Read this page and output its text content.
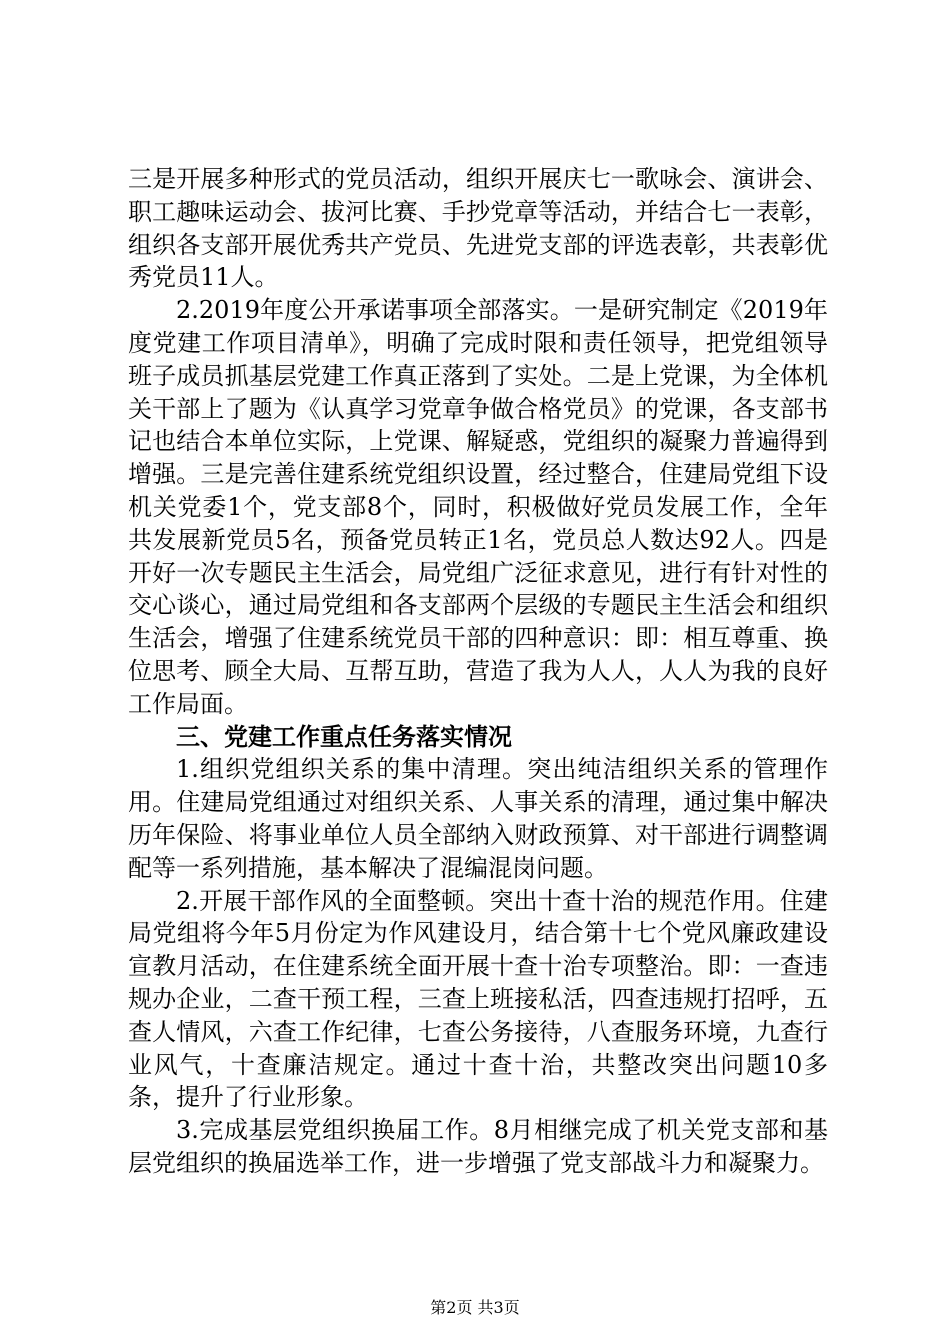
三是开展多种形式的党员活动，组织开展庆七一歌咏会、演讲会、职工趣味运动会、拔河比赛、手抄党章等活动，并结合七一表彰，组织各支部开展优秀共产党员、先进党支部的评选表彰，共表彰优秀党员11人。

2.2019年度公开承诺事项全部落实。一是研究制定《2019年度党建工作项目清单》，明确了完成时限和责任领导，把党组领导班子成员抓基层党建工作真正落到了实处。二是上党课，为全体机关干部上了题为《认真学习党章争做合格党员》的党课，各支部书记也结合本单位实际，上党课、解疑惑，党组织的凝聚力普遍得到增强。三是完善住建系统党组织设置，经过整合，住建局党组下设机关党委1个，党支部8个，同时，积极做好党员发展工作，全年共发展新党员5名，预备党员转正1名，党员总人数达92人。四是开好一次专题民主生活会，局党组广泛征求意见，进行有针对性的交心谈心，通过局党组和各支部两个层级的专题民主生活会和组织生活会，增强了住建系统党员干部的四种意识：即：相互尊重、换位思考、顾全大局、互帮互助，营造了我为人人，人人为我的良好工作局面。

三、党建工作重点任务落实情况

1.组织党组织关系的集中清理。突出纯洁组织关系的管理作用。住建局党组通过对组织关系、人事关系的清理，通过集中解决历年保险、将事业单位人员全部纳入财政预算、对干部进行调整调配等一系列措施，基本解决了混编混岗问题。

2.开展干部作风的全面整顿。突出十查十治的规范作用。住建局党组将今年5月份定为作风建设月，结合第十七个党风廉政建设宣教月活动，在住建系统全面开展十查十治专项整治。即：一查违规办企业，二查干预工程，三查上班接私活，四查违规打招呼，五查人情风，六查工作纪律，七查公务接待，八查服务环境，九查行业风气，十查廉洁规定。通过十查十治，共整改突出问题10多条，提升了行业形象。

3.完成基层党组织换届工作。8月相继完成了机关党支部和基层党组织的换届选举工作，进一步增强了党支部战斗力和凝聚力。

第2页 共3页
